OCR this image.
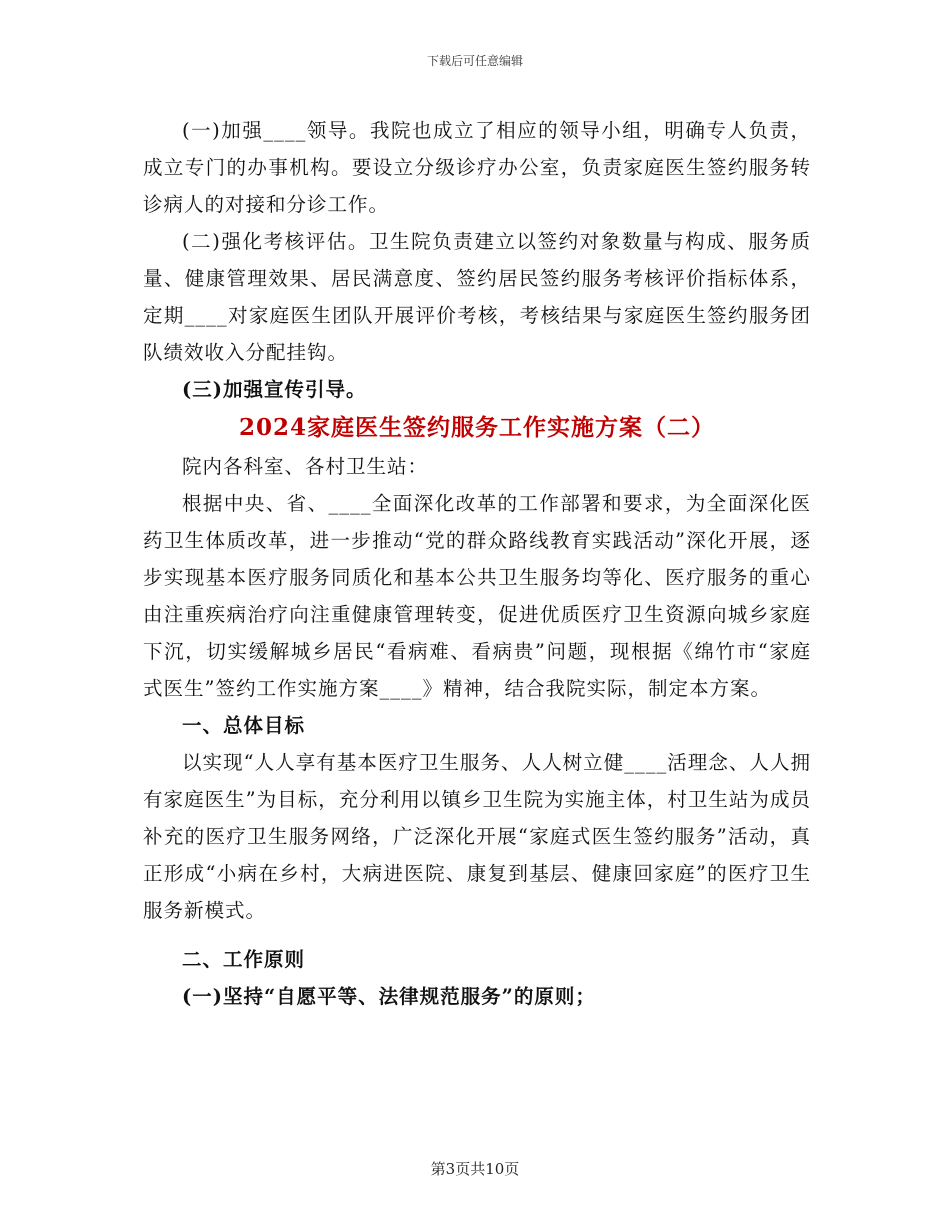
下载后可任意编辑

(一)加强____领导。我院也成立了相应的领导小组，明确专人负责，成立专门的办事机构。要设立分级诊疗办公室，负责家庭医生签约服务转诊病人的对接和分诊工作。

(二)强化考核评估。卫生院负责建立以签约对象数量与构成、服务质量、健康管理效果、居民满意度、签约居民签约服务考核评价指标体系，定期____对家庭医生团队开展评价考核，考核结果与家庭医生签约服务团队绩效收入分配挂钩。

(三)加强宣传引导。

2024家庭医生签约服务工作实施方案（二）

院内各科室、各村卫生站：

根据中央、省、____全面深化改革的工作部署和要求，为全面深化医药卫生体质改革，进一步推动“党的群众路线教育实践活动”深化开展，逐步实现基本医疗服务同质化和基本公共卫生服务均等化、医疗服务的重心由注重疾病治疗向注重健康管理转变，促进优质医疗卫生资源向城乡家庭下沉，切实缓解城乡居民“看病难、看病贵”问题，现根据《绵竹市“家庭式医生”签约工作实施方案____》精神，结合我院实际，制定本方案。

一、总体目标

以实现“人人享有基本医疗卫生服务、人人树立健____活理念、人人拥有家庭医生”为目标，充分利用以镇乡卫生院为实施主体，村卫生站为成员补充的医疗卫生服务网络，广泛深化开展“家庭式医生签约服务”活动，真正形成“小病在乡村，大病进医院、康复到基层、健康回家庭”的医疗卫生服务新模式。

二、工作原则

(一)坚持“自愿平等、法律规范服务”的原则；

第3页共10页
